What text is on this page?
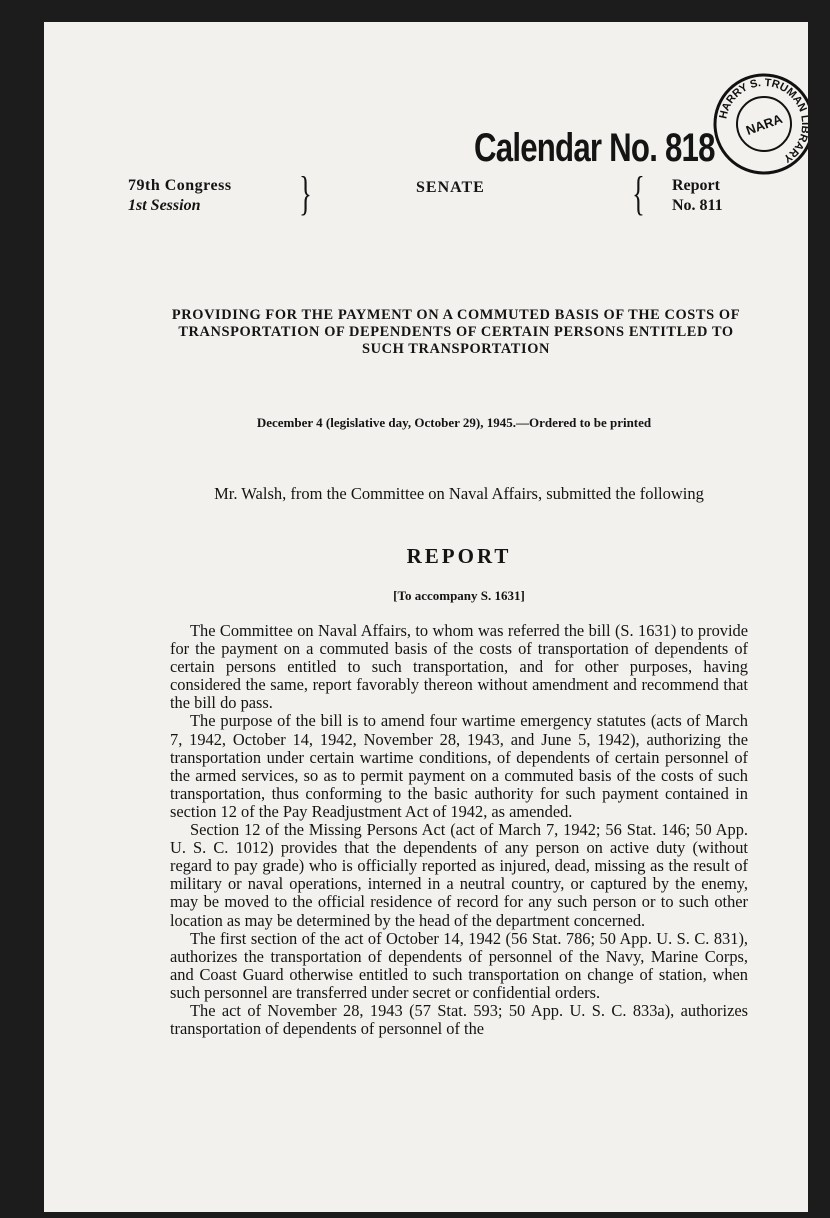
HARRY S. TRUMAN LIBRARY
NARA
Calendar No. 818
79th Congress
1st Session	}	SENATE	{ Report
No. 811
PROVIDING FOR THE PAYMENT ON A COMMUTED BASIS OF THE COSTS OF TRANSPORTATION OF DEPENDENTS OF CERTAIN PERSONS ENTITLED TO SUCH TRANSPORTATION
December 4 (legislative day, October 29), 1945.—Ordered to be printed
Mr. Walsh, from the Committee on Naval Affairs, submitted the following
REPORT
[To accompany S. 1631]

The Committee on Naval Affairs, to whom was referred the bill (S. 1631) to provide for the payment on a commuted basis of the costs of transportation of dependents of certain persons entitled to such transportation, and for other purposes, having considered the same, report favorably thereon without amendment and recommend that the bill do pass.

The purpose of the bill is to amend four wartime emergency statutes (acts of March 7, 1942, October 14, 1942, November 28, 1943, and June 5, 1942), authorizing the transportation under certain wartime conditions, of dependents of certain personnel of the armed services, so as to permit payment on a commuted basis of the costs of such transportation, thus conforming to the basic authority for such payment contained in section 12 of the Pay Readjustment Act of 1942, as amended.

Section 12 of the Missing Persons Act (act of March 7, 1942; 56 Stat. 146; 50 App. U. S. C. 1012) provides that the dependents of any person on active duty (without regard to pay grade) who is officially reported as injured, dead, missing as the result of military or naval operations, interned in a neutral country, or captured by the enemy, may be moved to the official residence of record for any such person or to such other location as may be determined by the head of the department concerned.

The first section of the act of October 14, 1942 (56 Stat. 786; 50 App. U. S. C. 831), authorizes the transportation of dependents of personnel of the Navy, Marine Corps, and Coast Guard otherwise entitled to such transportation on change of station, when such personnel are transferred under secret or confidential orders.

The act of November 28, 1943 (57 Stat. 593; 50 App. U. S. C. 833a), authorizes transportation of dependents of personnel of the
